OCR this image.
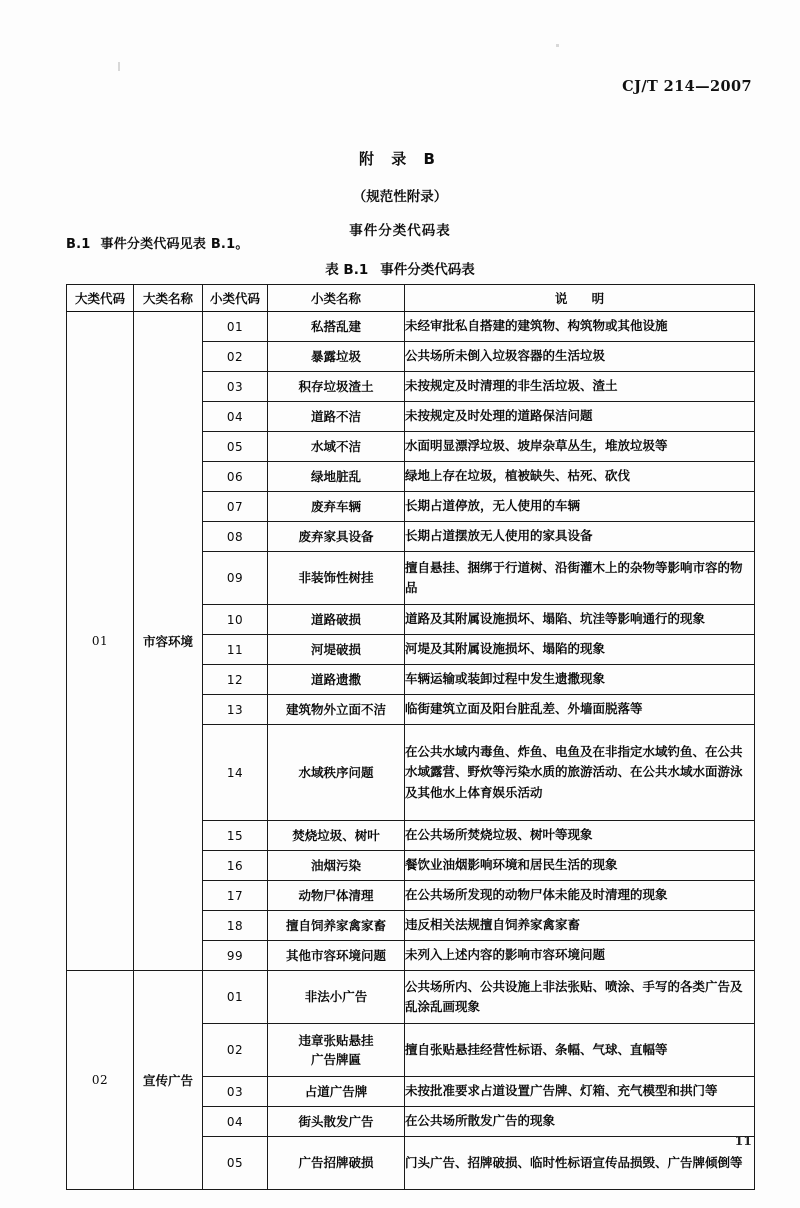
CJ/T 214—2007
附 录 B
（规范性附录）
事件分类代码表
B.1 事件分类代码见表 B.1。
表 B.1 事件分类代码表
大类代码	大类名称	小类代码	小类名称	说 明
01	市容环境	01	私搭乱建	未经审批私自搭建的建筑物、构筑物或其他设施
		02	暴露垃圾	公共场所未倒入垃圾容器的生活垃圾
		03	积存垃圾渣土	未按规定及时清理的非生活垃圾、渣土
		04	道路不洁	未按规定及时处理的道路保洁问题
		05	水域不洁	水面明显漂浮垃圾、坡岸杂草丛生，堆放垃圾等
		06	绿地脏乱	绿地上存在垃圾，植被缺失、枯死、砍伐
		07	废弃车辆	长期占道停放，无人使用的车辆
		08	废弃家具设备	长期占道摆放无人使用的家具设备
		09	非装饰性树挂	擅自悬挂、捆绑于行道树、沿街灌木上的杂物等影响市容的物品
		10	道路破损	道路及其附属设施损坏、塌陷、坑洼等影响通行的现象
		11	河堤破损	河堤及其附属设施损坏、塌陷的现象
		12	道路遗撒	车辆运输或装卸过程中发生遗撒现象
		13	建筑物外立面不洁	临街建筑立面及阳台脏乱差、外墙面脱落等
		14	水域秩序问题	在公共水域内毒鱼、炸鱼、电鱼及在非指定水域钓鱼、在公共水域露营、野炊等污染水质的旅游活动、在公共水域水面游泳及其他水上体育娱乐活动
		15	焚烧垃圾、树叶	在公共场所焚烧垃圾、树叶等现象
		16	油烟污染	餐饮业油烟影响环境和居民生活的现象
		17	动物尸体清理	在公共场所发现的动物尸体未能及时清理的现象
		18	擅自饲养家禽家畜	违反相关法规擅自饲养家禽家畜
		99	其他市容环境问题	未列入上述内容的影响市容环境问题
02	宣传广告	01	非法小广告	公共场所内、公共设施上非法张贴、喷涂、手写的各类广告及乱涂乱画现象
		02	违章张贴悬挂
广告牌匾	擅自张贴悬挂经营性标语、条幅、气球、直幅等
		03	占道广告牌	未按批准要求占道设置广告牌、灯箱、充气模型和拱门等
		04	街头散发广告	在公共场所散发广告的现象
		05	广告招牌破损	门头广告、招牌破损、临时性标语宣传品损毁、广告牌倾倒等
11
